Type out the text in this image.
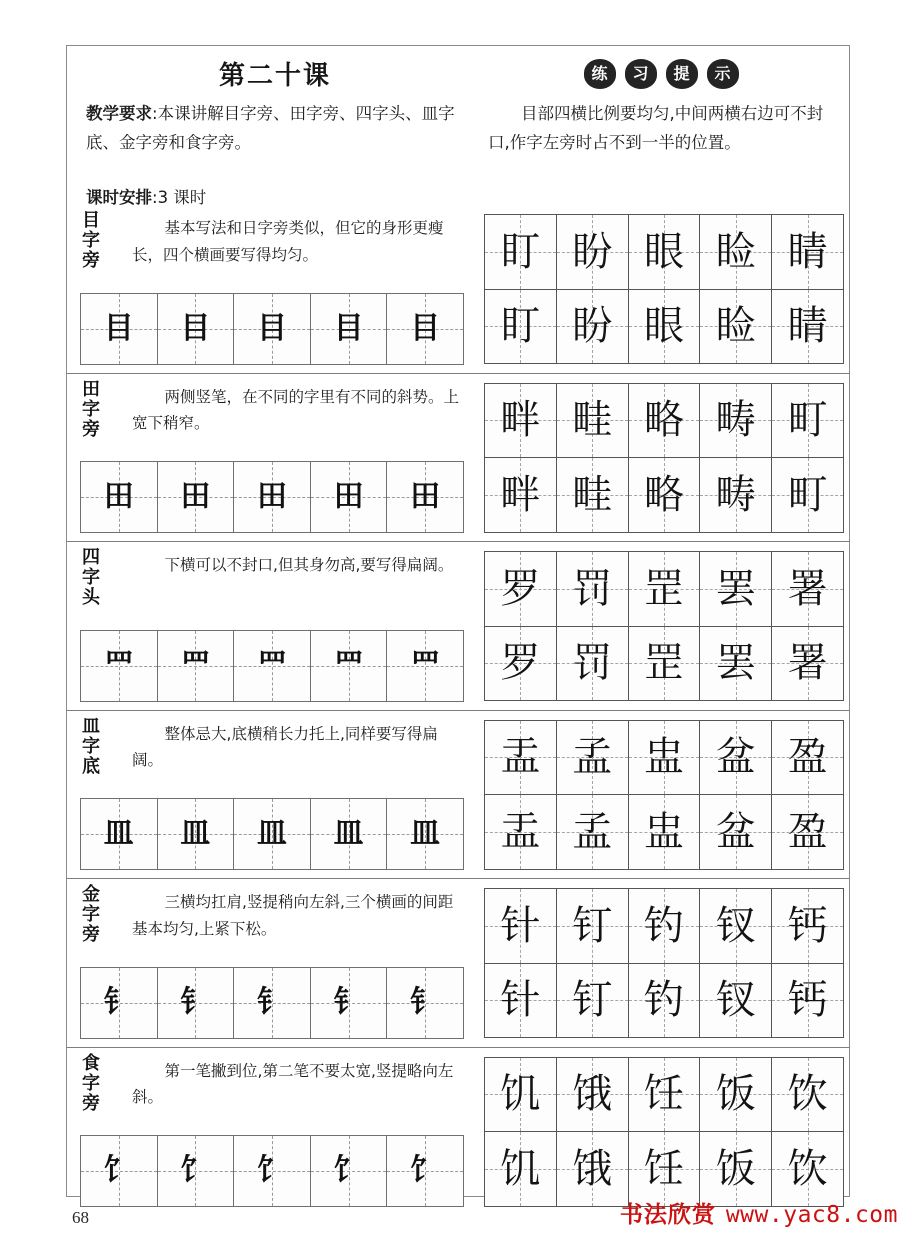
第二十课
教学要求:本课讲解目字旁、田字旁、四字头、皿字底、金字旁和食字旁。
课时安排:3 课时
练	习	提	示
目部四横比例要均匀,中间两横右边可不封口,作字左旁时占不到一半的位置。
目字旁
基本写法和日字旁类似，但它的身形更瘦长，四个横画要写得均匀。
目 目 目 目 目
盯 盼 眼 睑 睛
盯 盼 眼 睑 睛
田字旁
两侧竖笔，在不同的字里有不同的斜势。上宽下稍窄。
田 田 田 田 田
畔 畦 略 畴 町
畔 畦 略 畴 町
四字头
下横可以不封口,但其身勿高,要写得扁阔。
罒 罒 罒 罒 罒
罗 罚 罡 罢 署
罗 罚 罡 罢 署
皿字底
整体忌大,底横稍长力托上,同样要写得扁阔。
皿 皿 皿 皿 皿
盂 孟 盅 盆 盈
盂 孟 盅 盆 盈
金字旁
三横均扛肩,竖提稍向左斜,三个横画的间距基本均匀,上紧下松。
钅 钅 钅 钅 钅
针 钉 钓 钗 钙
针 钉 钓 钗 钙
食字旁
第一笔撇到位,第二笔不要太宽,竖提略向左斜。
饣 饣 饣 饣 饣
饥 饿 饪 饭 饮
饥 饿 饪 饭 饮
68	书法欣赏 www.yac8.com
